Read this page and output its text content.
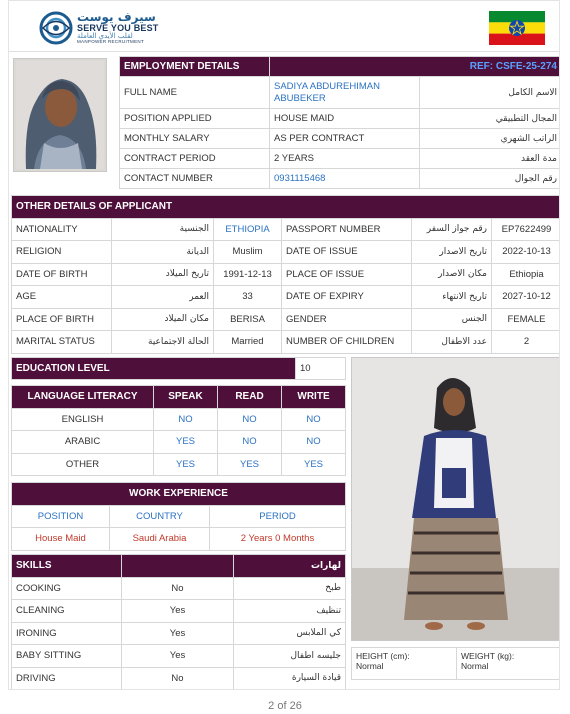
سيرف يوست
SERVE YOU BEST
لقلب الأيدي العاملة
MANPOWER RECRUITMENT
EMPLOYMENT DETAILS	REF: CSFE-25-274	
FULL NAME	SADIYA ABDUREHIMAN ABUBEKER	الاسم الكامل
POSITION APPLIED	HOUSE MAID	المجال التطبيقي
MONTHLY SALARY	AS PER CONTRACT	الراتب الشهري
CONTRACT PERIOD	2 YEARS	مدة العقد
CONTACT NUMBER	0931115468	رقم الجوال
OTHER DETAILS OF APPLICANT					
NATIONALITY	الجنسية	ETHIOPIA	PASSPORT NUMBER	رقم جواز السفر	EP7622499
RELIGION	الديانة	Muslim	DATE OF ISSUE	تاريخ الاصدار	2022-10-13
DATE OF BIRTH	تاريخ الميلاد	1991-12-13	PLACE OF ISSUE	مكان الاصدار	Ethiopia
AGE	العمر	33	DATE OF EXPIRY	تاريخ الانتهاء	2027-10-12
PLACE OF BIRTH	مكان الميلاد	BERISA	GENDER	الجنس	FEMALE
MARITAL STATUS	الحالة الاجتماعية	Married	NUMBER OF CHILDREN	عدد الاطفال	2
EDUCATION LEVEL	10
LANGUAGE LITERACY	SPEAK	READ	WRITE
ENGLISH	NO	NO	NO
ARABIC	YES	NO	NO
OTHER	YES	YES	YES
WORK EXPERIENCE		
POSITION	COUNTRY	PERIOD
House Maid	Saudi Arabia	2 Years 0 Months
SKILLS		لهارات
COOKING	No	طبخ
CLEANING	Yes	تنظيف
IRONING	Yes	كي الملابس
BABY SITTING	Yes	جليسه اطفال
DRIVING	No	قيادة السيارة
HEIGHT (cm):
Normal

WEIGHT (kg):
Normal
2 of 26
